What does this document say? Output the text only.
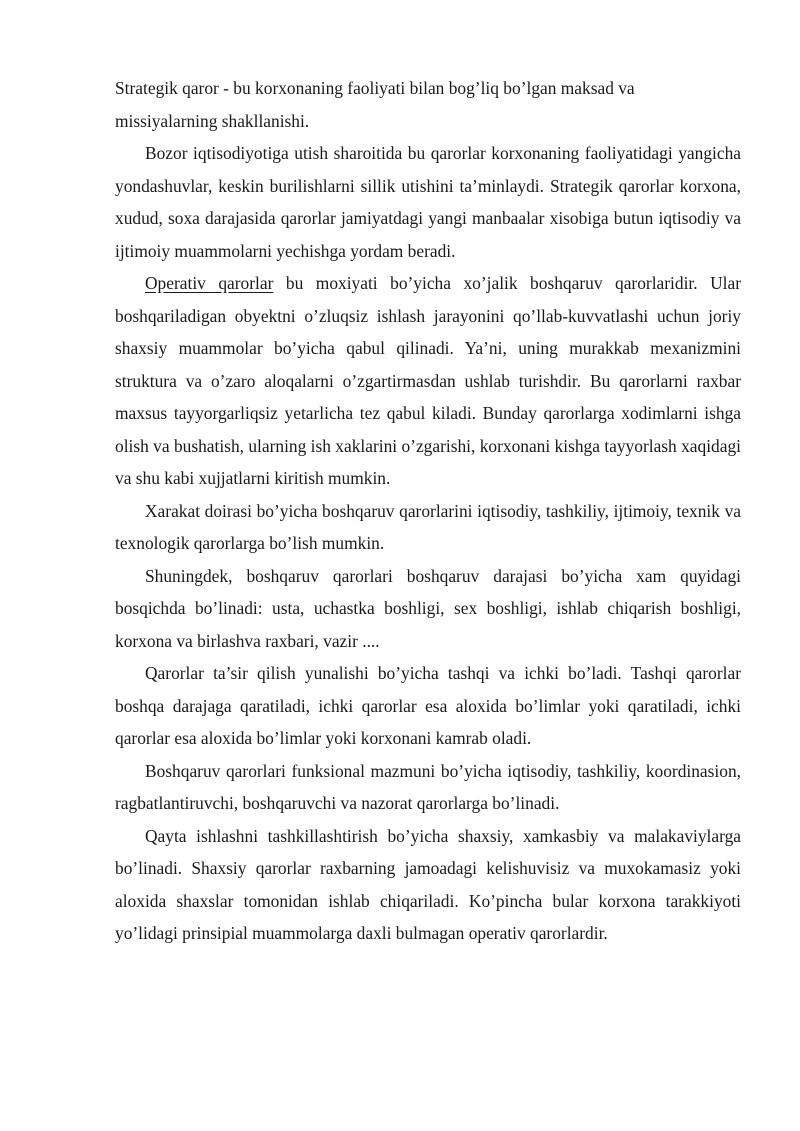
Strategik qaror - bu korxonaning faoliyati bilan bog’liq bo’lgan maksad va missiyalarning shakllanishi.

Bozor iqtisodiyotiga utish sharoitida bu qarorlar korxonaning faoliyatidagi yangicha yondashuvlar, keskin burilishlarni sillik utishini ta’minlaydi. Strategik qarorlar korxona, xudud, soxa darajasida qarorlar jamiyatdagi yangi manbaalar xisobiga butun iqtisodiy va ijtimoiy muammolarni yechishga yordam beradi.

Operativ qarorlar bu moxiyati bo’yicha xo’jalik boshqaruv qarorlaridir. Ular boshqariladigan obyektni o’zluqsiz ishlash jarayonini qo’llab-kuvvatlashi uchun joriy shaxsiy muammolar bo’yicha qabul qilinadi. Ya’ni, uning murakkab mexanizmini struktura va o’zaro aloqalarni o’zgartirmasdan ushlab turishdir. Bu qarorlarni raxbar maxsus tayyorgarliqsiz yetarlicha tez qabul kiladi. Bunday qarorlarga xodimlarni ishga olish va bushatish, ularning ish xaklarini o’zgarishi, korxonani kishga tayyorlash xaqidagi va shu kabi xujjatlarni kiritish mumkin.

Xarakat doirasi bo’yicha boshqaruv qarorlarini iqtisodiy, tashkiliy, ijtimoiy, texnik va texnologik qarorlarga bo’lish mumkin.

Shuningdek, boshqaruv qarorlari boshqaruv darajasi bo’yicha xam quyidagi bosqichda bo’linadi: usta, uchastka boshligi, sex boshligi, ishlab chiqarish boshligi, korxona va birlashva raxbari, vazir ....

Qarorlar ta’sir qilish yunalishi bo’yicha tashqi va ichki bo’ladi. Tashqi qarorlar boshqa darajaga qaratiladi, ichki qarorlar esa aloxida bo’limlar yoki qaratiladi, ichki qarorlar esa aloxida bo’limlar yoki korxonani kamrab oladi.

Boshqaruv qarorlari funksional mazmuni bo’yicha iqtisodiy, tashkiliy, koordinasion, ragbatlantiruvchi, boshqaruvchi va nazorat qarorlarga bo’linadi.

Qayta ishlashni tashkillashtirish bo’yicha shaxsiy, xamkasbiy va malakaviylarga bo’linadi. Shaxsiy qarorlar raxbarning jamoadagi kelishuvisiz va muxokamasiz yoki aloxida shaxslar tomonidan ishlab chiqariladi. Ko’pincha bular korxona tarakkiyoti yo’lidagi prinsipial muammolarga daxli bulmagan operativ qarorlardir.
